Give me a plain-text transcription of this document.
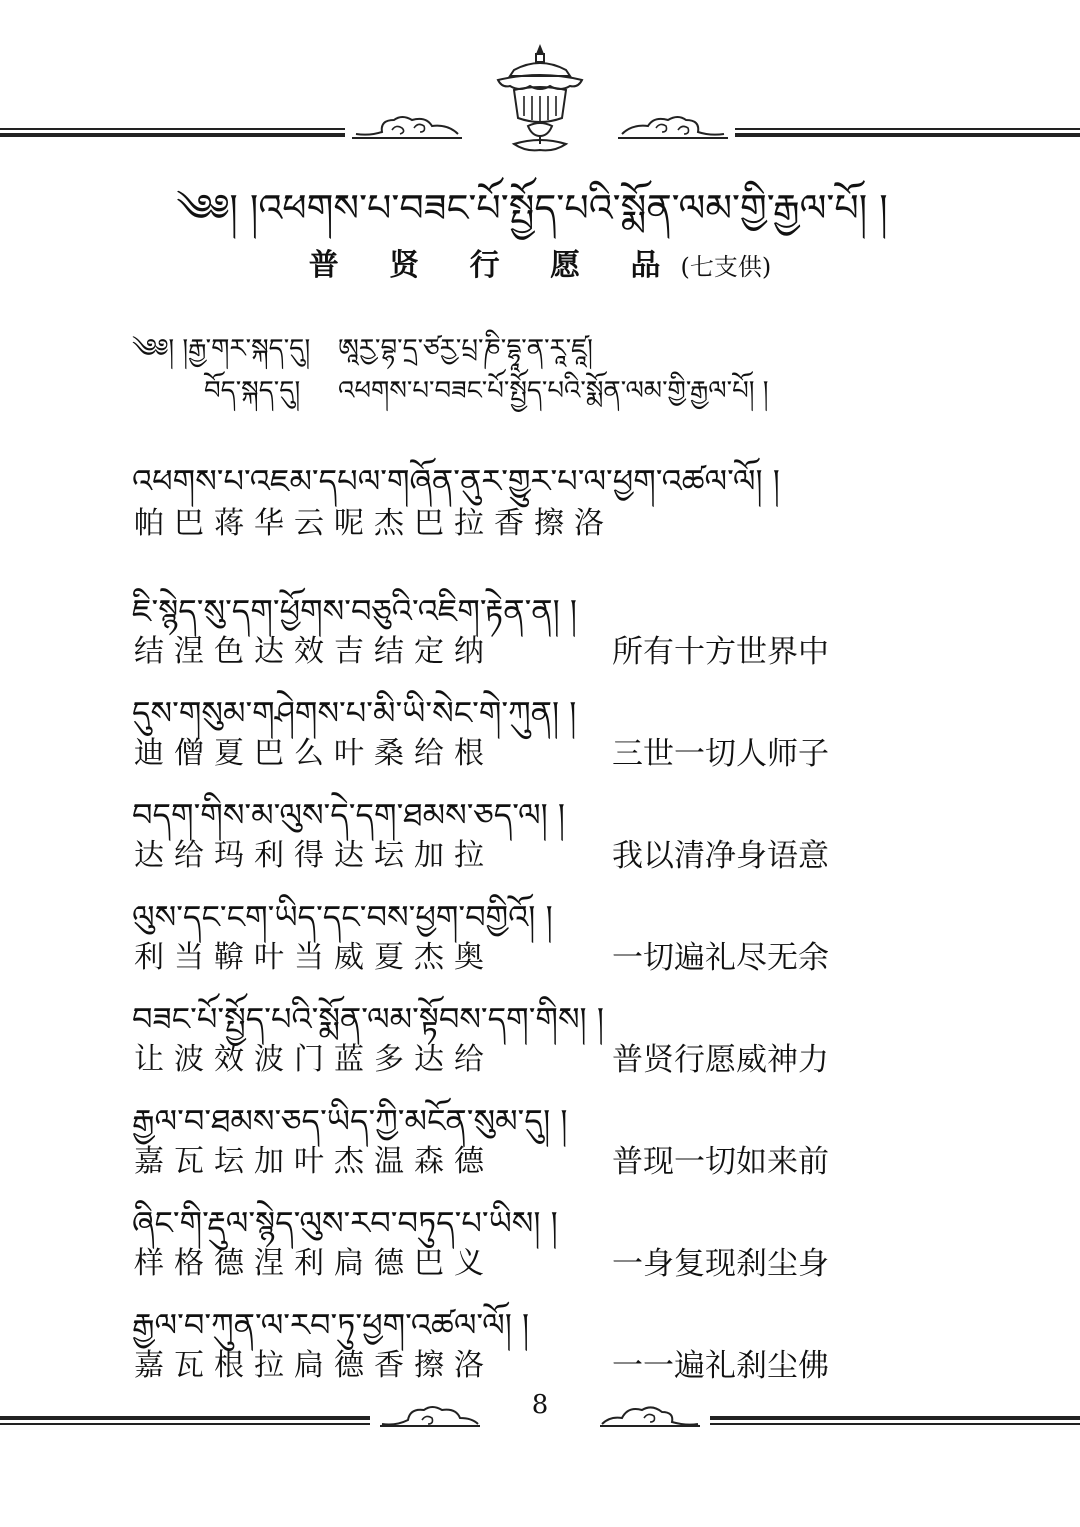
༄༅། །འཕགས་པ་བཟང་པོ་སྤྱོད་པའི་སྨོན་ལམ་གྱི་རྒྱལ་པོ། །
普 贤 行 愿 品(七支供)
༄༅། །རྒྱ་གར་སྐད་དུ། ཨཱརྱ་བྷ་དྲ་ཙརྱ་པྲ་ཎི་དྷཱ་ན་རཱ་ཛཱ།
བོད་སྐད་དུ། འཕགས་པ་བཟང་པོ་སྤྱོད་པའི་སྨོན་ལམ་གྱི་རྒྱལ་པོ། །
འཕགས་པ་འཇམ་དཔལ་གཞོན་ནུར་གྱུར་པ་ལ་ཕྱག་འཚལ་ལོ། །
帕巴蒋华云呢杰巴拉香擦洛
ཇི་སྙེད་སུ་དག་ཕྱོགས་བཅུའི་འཇིག་རྟེན་ན། །
结涅色达效吉结定纳	所有十方世界中
དུས་གསུམ་གཤེགས་པ་མི་ཡི་སེང་གེ་ཀུན། །
迪僧夏巴么叶桑给根	三世一切人师子
བདག་གིས་མ་ལུས་དེ་དག་ཐམས་ཅད་ལ། །
达给玛利得达坛加拉	我以清净身语意
ལུས་དང་ངག་ཡིད་དང་བས་ཕྱག་བགྱིའོ། །
利当鞥叶当威夏杰奥	一切遍礼尽无余
བཟང་པོ་སྤྱོད་པའི་སྨོན་ལམ་སྟོབས་དག་གིས། །
让波效波门蓝多达给	普贤行愿威神力
རྒྱལ་བ་ཐམས་ཅད་ཡིད་ཀྱི་མངོན་སུམ་དུ། །
嘉瓦坛加叶杰温森德	普现一切如来前
ཞིང་གི་རྡུལ་སྙེད་ལུས་རབ་བཏུད་པ་ཡིས། །
样格德涅利扃德巴义	一身复现刹尘身
རྒྱལ་བ་ཀུན་ལ་རབ་ཏུ་ཕྱག་འཚལ་ལོ། །
嘉瓦根拉扃德香擦洛	一一遍礼刹尘佛
8
